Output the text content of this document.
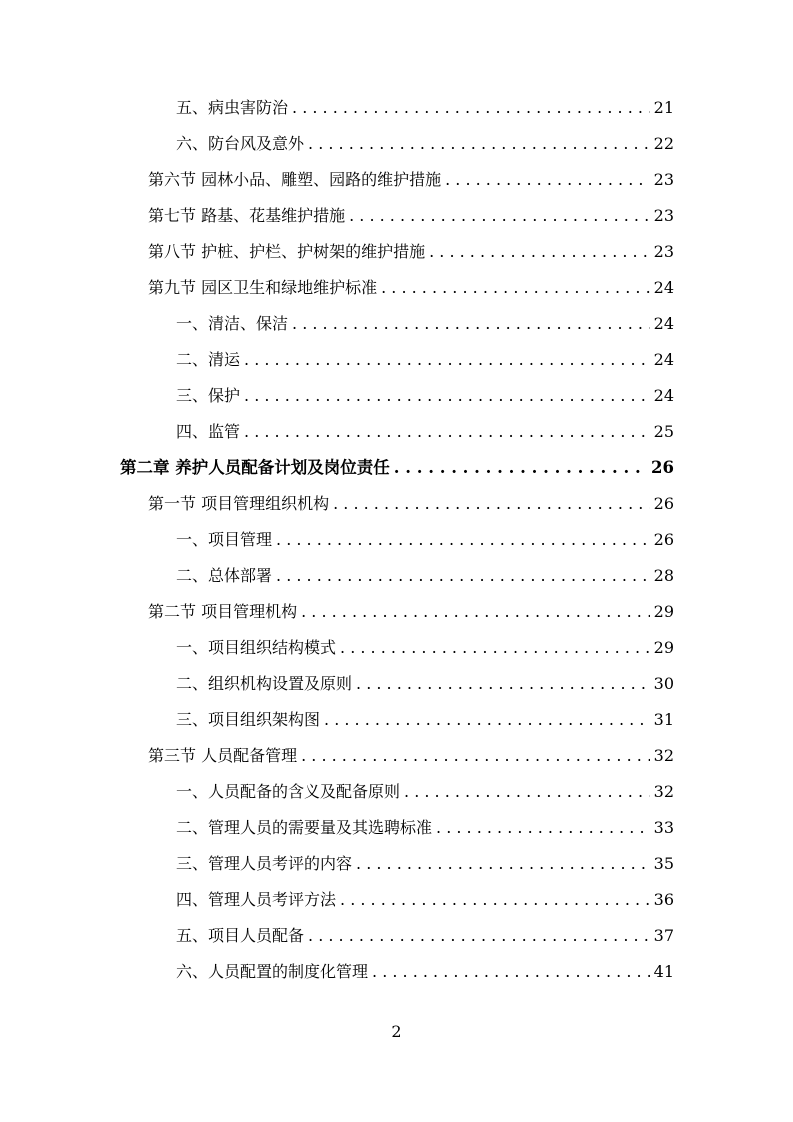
五、病虫害防治 . . .	21
六、防台风及意外 . . .	22
第六节 园林小品、雕塑、园路的维护措施 . . .	23
第七节 路基、花基维护措施 . . .	23
第八节 护桩、护栏、护树架的维护措施 . . .	23
第九节 园区卫生和绿地维护标准 . . .	24
一、清洁、保洁 . . .	24
二、清运 . . .	24
三、保护 . . .	24
四、监管 . . .	25
第二章 养护人员配备计划及岗位责任 . . .	26
第一节 项目管理组织机构 . . .	26
一、项目管理 . . .	26
二、总体部署 . . .	28
第二节 项目管理机构 . . .	29
一、项目组织结构模式 . . .	29
二、组织机构设置及原则 . . .	30
三、项目组织架构图 . . .	31
第三节 人员配备管理 . . .	32
一、人员配备的含义及配备原则 . . .	32
二、管理人员的需要量及其选聘标准 . . .	33
三、管理人员考评的内容 . . .	35
四、管理人员考评方法 . . .	36
五、项目人员配备 . . .	37
六、人员配置的制度化管理 . . .	41
2
